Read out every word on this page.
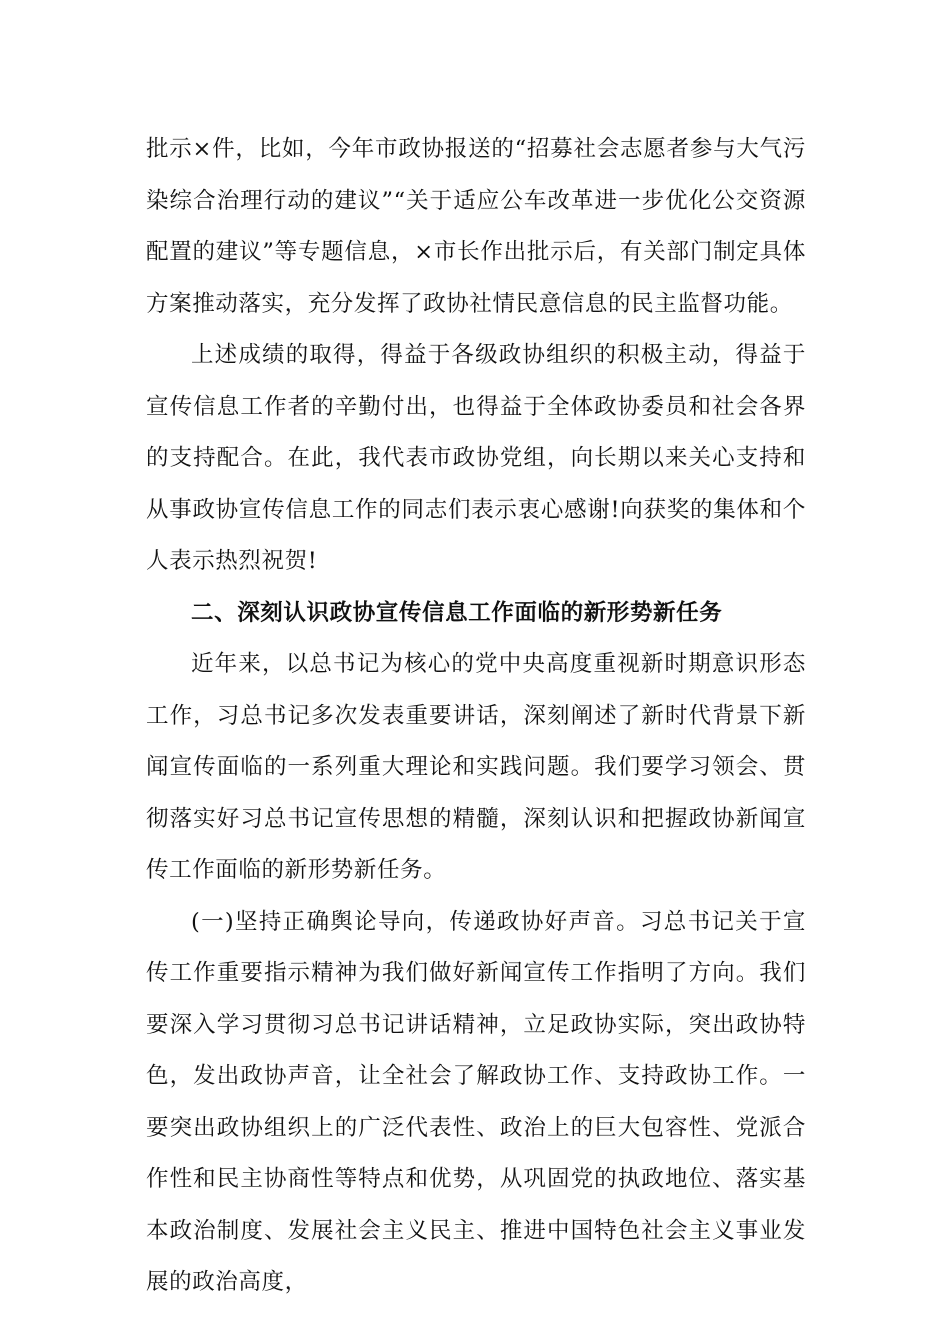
批示×件，比如，今年市政协报送的“招募社会志愿者参与大气污染综合治理行动的建议”“关于适应公车改革进一步优化公交资源配置的建议”等专题信息，×市长作出批示后，有关部门制定具体方案推动落实，充分发挥了政协社情民意信息的民主监督功能。

上述成绩的取得，得益于各级政协组织的积极主动，得益于宣传信息工作者的辛勤付出，也得益于全体政协委员和社会各界的支持配合。在此，我代表市政协党组，向长期以来关心支持和从事政协宣传信息工作的同志们表示衷心感谢!向获奖的集体和个人表示热烈祝贺!

二、深刻认识政协宣传信息工作面临的新形势新任务

近年来，以总书记为核心的党中央高度重视新时期意识形态工作，习总书记多次发表重要讲话，深刻阐述了新时代背景下新闻宣传面临的一系列重大理论和实践问题。我们要学习领会、贯彻落实好习总书记宣传思想的精髓，深刻认识和把握政协新闻宣传工作面临的新形势新任务。

(一)坚持正确舆论导向，传递政协好声音。习总书记关于宣传工作重要指示精神为我们做好新闻宣传工作指明了方向。我们要深入学习贯彻习总书记讲话精神，立足政协实际，突出政协特色，发出政协声音，让全社会了解政协工作、支持政协工作。一要突出政协组织上的广泛代表性、政治上的巨大包容性、党派合作性和民主协商性等特点和优势，从巩固党的执政地位、落实基本政治制度、发展社会主义民主、推进中国特色社会主义事业发展的政治高度，
